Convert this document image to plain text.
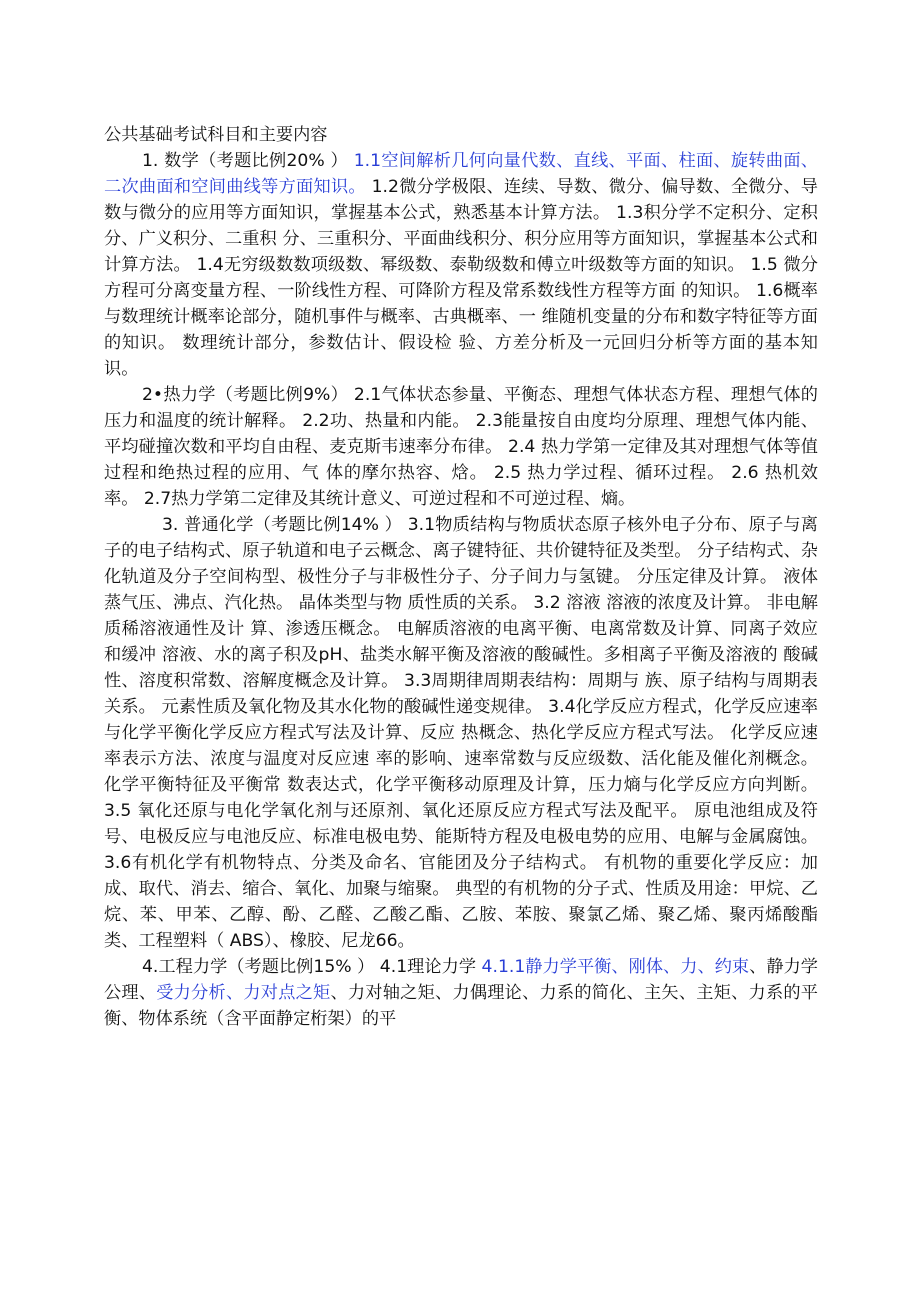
公共基础考试科目和主要内容

1. 数学（考题比例20% ） 1.1空间解析几何向量代数、直线、平面、柱面、旋转曲面、二次曲面和空间曲线等方面知识。 1.2微分学极限、连续、导数、微分、偏导数、全微分、导数与微分的应用等方面知识，掌握基本公式，熟悉基本计算方法。 1.3积分学不定积分、定积分、广义积分、二重积 分、三重积分、平面曲线积分、积分应用等方面知识，掌握基本公式和计算方法。 1.4无穷级数数项级数、幂级数、泰勒级数和傅立叶级数等方面的知识。 1.5 微分方程可分离变量方程、一阶线性方程、可降阶方程及常系数线性方程等方面 的知识。 1.6概率与数理统计概率论部分，随机事件与概率、古典概率、一 维随机变量的分布和数字特征等方面的知识。 数理统计部分，参数估计、假设检 验、方差分析及一元回归分析等方面的基本知识。

2•热力学（考题比例9%） 2.1气体状态参量、平衡态、理想气体状态方程、理想气体的压力和温度的统计解释。 2.2功、热量和内能。 2.3能量按自由度均分原理、理想气体内能、平均碰撞次数和平均自由程、麦克斯韦速率分布律。 2.4 热力学第一定律及其对理想气体等值过程和绝热过程的应用、气 体的摩尔热容、焓。 2.5 热力学过程、循环过程。 2.6 热机效率。 2.7热力学第二定律及其统计意义、可逆过程和不可逆过程、熵。

3. 普通化学（考题比例14% ） 3.1物质结构与物质状态原子核外电子分布、原子与离子的电子结构式、原子轨道和电子云概念、离子键特征、共价键特征及类型。 分子结构式、杂化轨道及分子空间构型、极性分子与非极性分子、分子间力与氢键。 分压定律及计算。 液体蒸气压、沸点、汽化热。 晶体类型与物 质性质的关系。 3.2 溶液 溶液的浓度及计算。 非电解质稀溶液通性及计 算、渗透压概念。 电解质溶液的电离平衡、电离常数及计算、同离子效应和缓冲 溶液、水的离子积及pH、盐类水解平衡及溶液的酸碱性。多相离子平衡及溶液的 酸碱性、溶度积常数、溶解度概念及计算。 3.3周期律周期表结构：周期与 族、原子结构与周期表关系。 元素性质及氧化物及其水化物的酸碱性递变规律。 3.4化学反应方程式，化学反应速率与化学平衡化学反应方程式写法及计算、反应 热概念、热化学反应方程式写法。 化学反应速率表示方法、浓度与温度对反应速 率的影响、速率常数与反应级数、活化能及催化剂概念。 化学平衡特征及平衡常 数表达式，化学平衡移动原理及计算，压力熵与化学反应方向判断。 3.5 氧化还原与电化学氧化剂与还原剂、氧化还原反应方程式写法及配平。 原电池组成及符号、电极反应与电池反应、标准电极电势、能斯特方程及电极电势的应用、电解与金属腐蚀。 3.6有机化学有机物特点、分类及命名、官能团及分子结构式。 有机物的重要化学反应：加成、取代、消去、缩合、氧化、加聚与缩聚。 典型的有机物的分子式、性质及用途：甲烷、乙烷、苯、甲苯、乙醇、酚、乙醛、乙酸乙酯、乙胺、苯胺、聚氯乙烯、聚乙烯、聚丙烯酸酯类、工程塑料（ ABS）、橡胶、尼龙66。

4.工程力学（考题比例15% ） 4.1理论力学 4.1.1静力学平衡、刚体、力、约束、静力学公理、受力分析、力对点之矩、力对轴之矩、力偶理论、力系的简化、主矢、主矩、力系的平衡、物体系统（含平面静定桁架）的平
